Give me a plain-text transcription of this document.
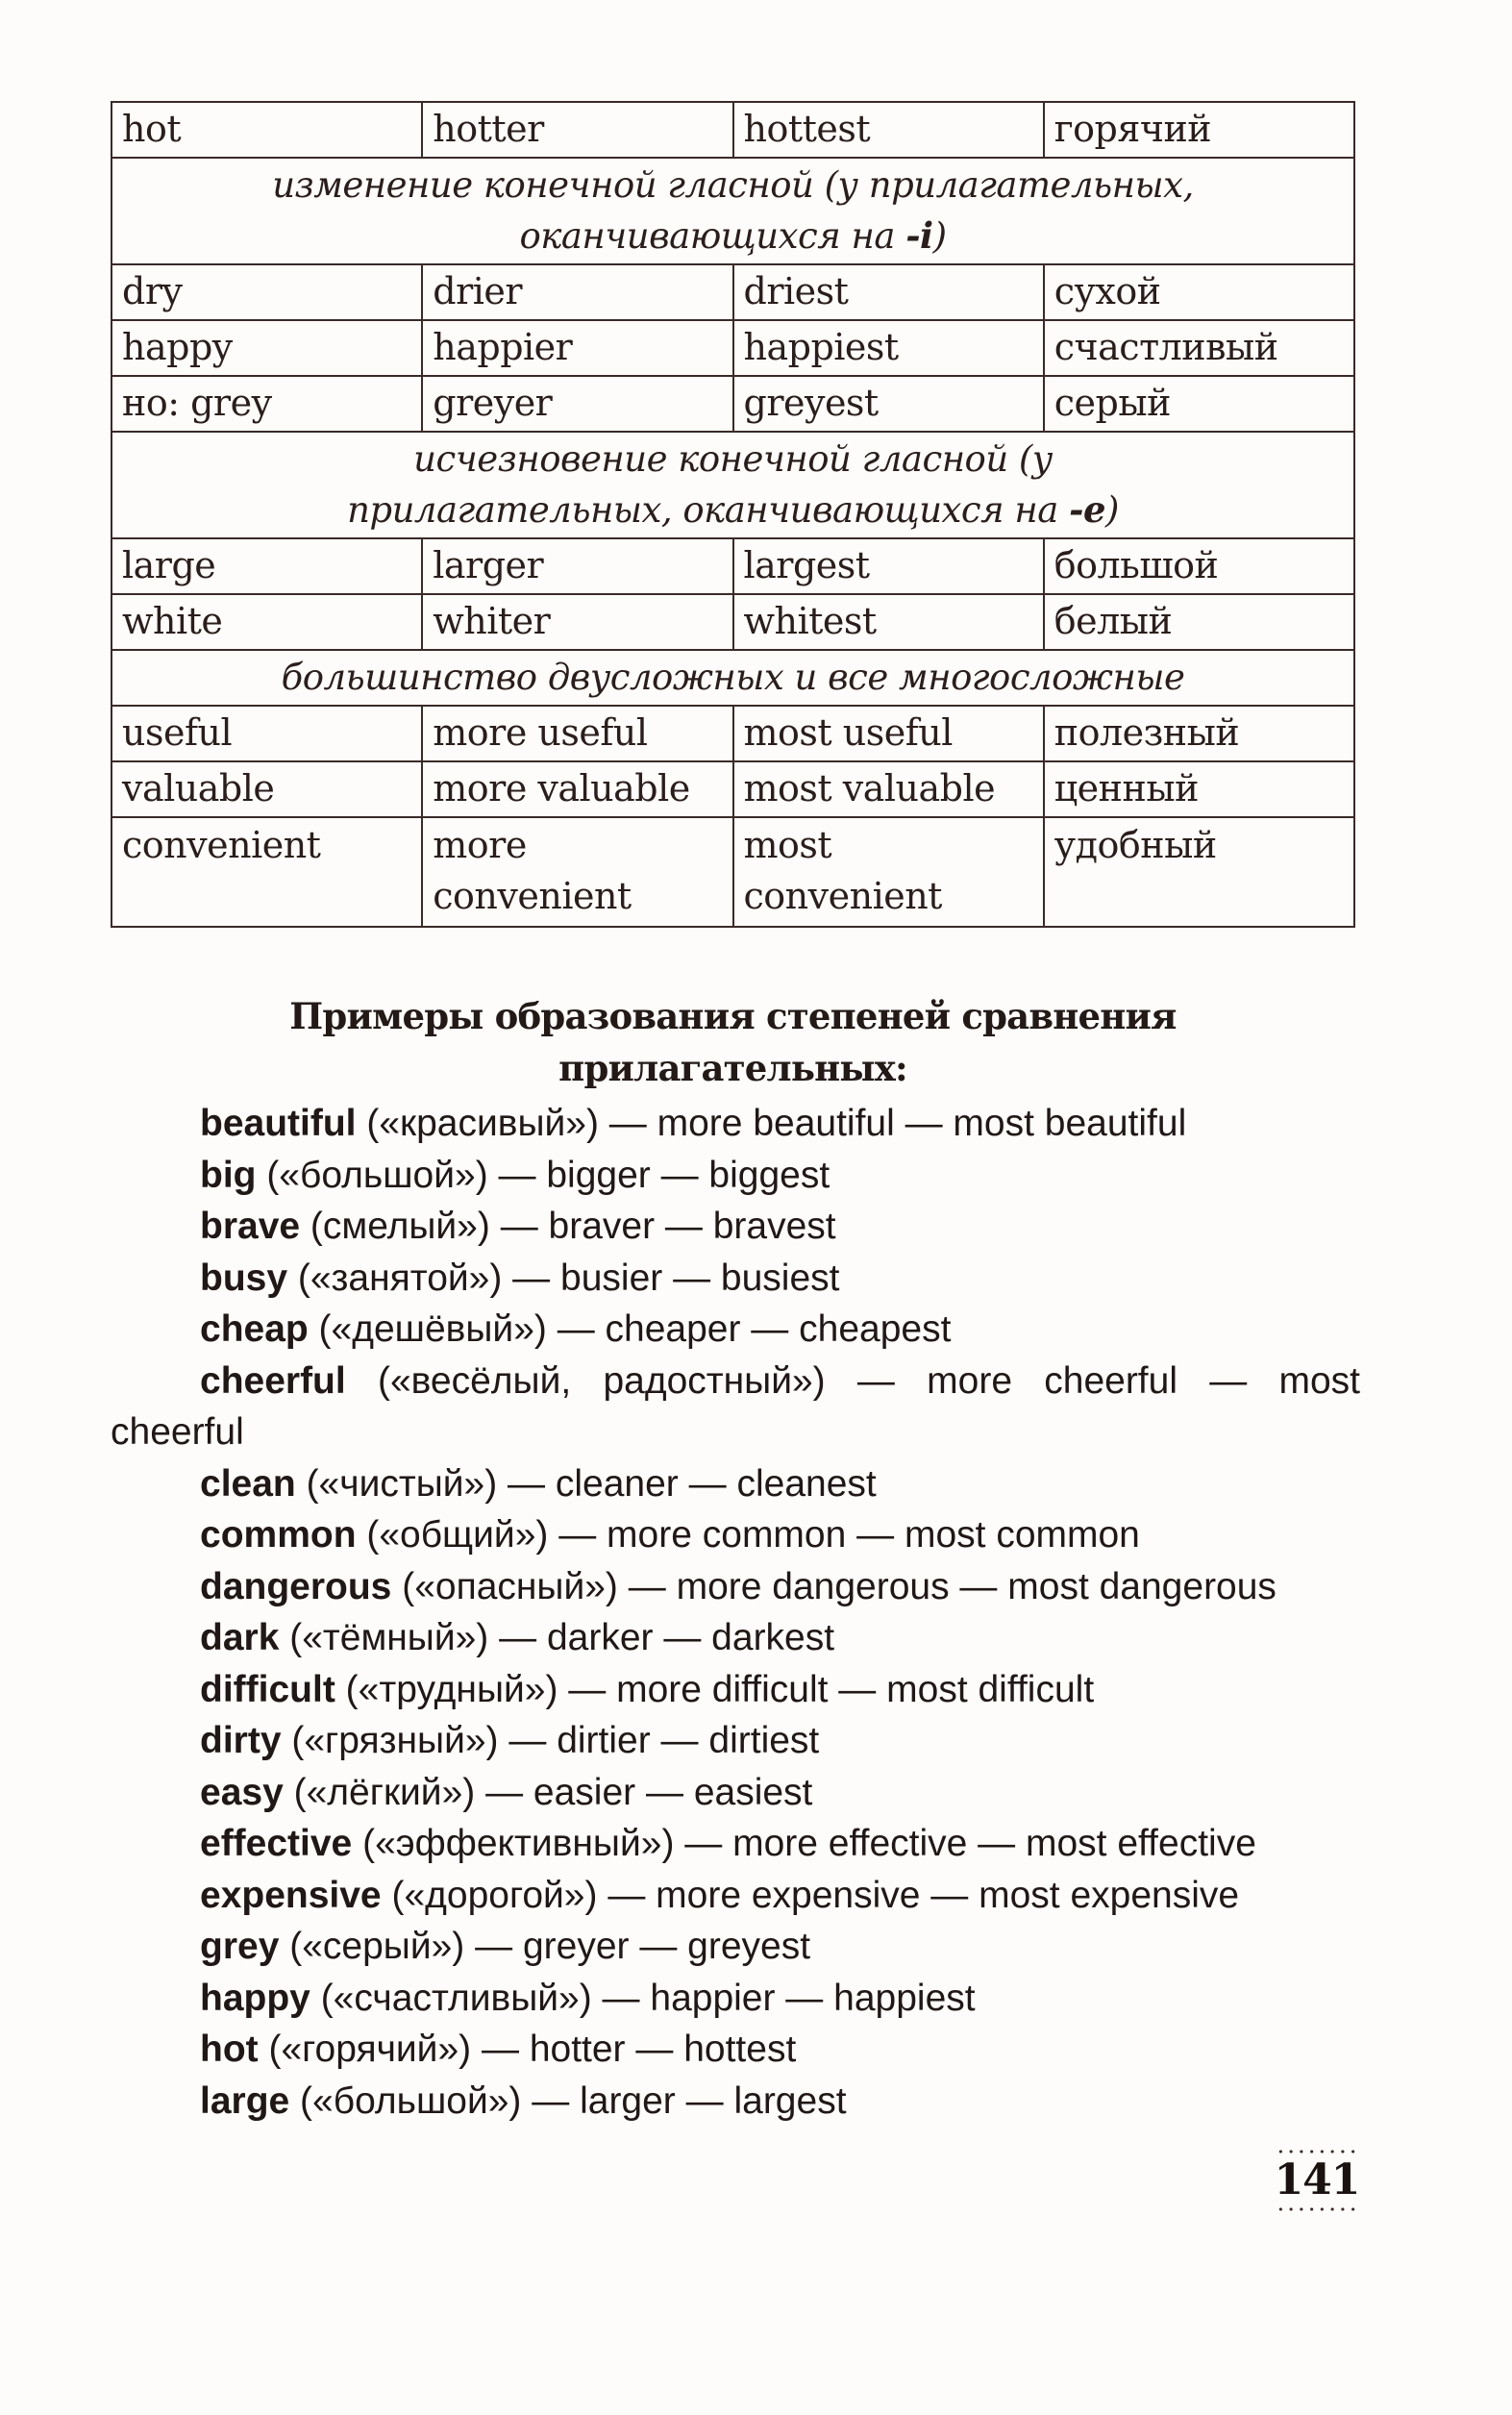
hot	hotter	hottest	горячий
изменение конечной гласной (у прилагательных, оканчивающихся на -i)			
dry	drier	driest	сухой
happy	happier	happiest	счастливый
но: grey	greyer	greyest	серый
исчезновение конечной гласной (у прилагательных, оканчивающихся на -e)			
large	larger	largest	большой
white	whiter	whitest	белый
большинство двусложных и все многосложные			
useful	more useful	most useful	полезный
valuable	more valuable	most valuable	ценный
convenient	more convenient	most convenient	удобный
Примеры образования степеней сравнения
прилагательных:
beautiful («красивый») — more beautiful — most beautiful
big («большой») — bigger — biggest
brave (смелый») — braver — bravest
busy («занятой») — busier — busiest
cheap («дешёвый») — cheaper — cheapest
cheerful («весёлый, радостный») — more cheerful — most cheerful
clean («чистый») — cleaner — cleanest
common («общий») — more common — most common
dangerous («опасный») — more dangerous — most dangerous
dark («тёмный») — darker — darkest
difficult («трудный») — more difficult — most difficult
dirty («грязный») — dirtier — dirtiest
easy («лёгкий») — easier — easiest
effective («эффективный») — more effective — most effective
expensive («дорогой») — more expensive — most expensive
grey («серый») — greyer — greyest
happy («счастливый») — happier — happiest
hot («горячий») — hotter — hottest
large («большой») — larger — largest
141
